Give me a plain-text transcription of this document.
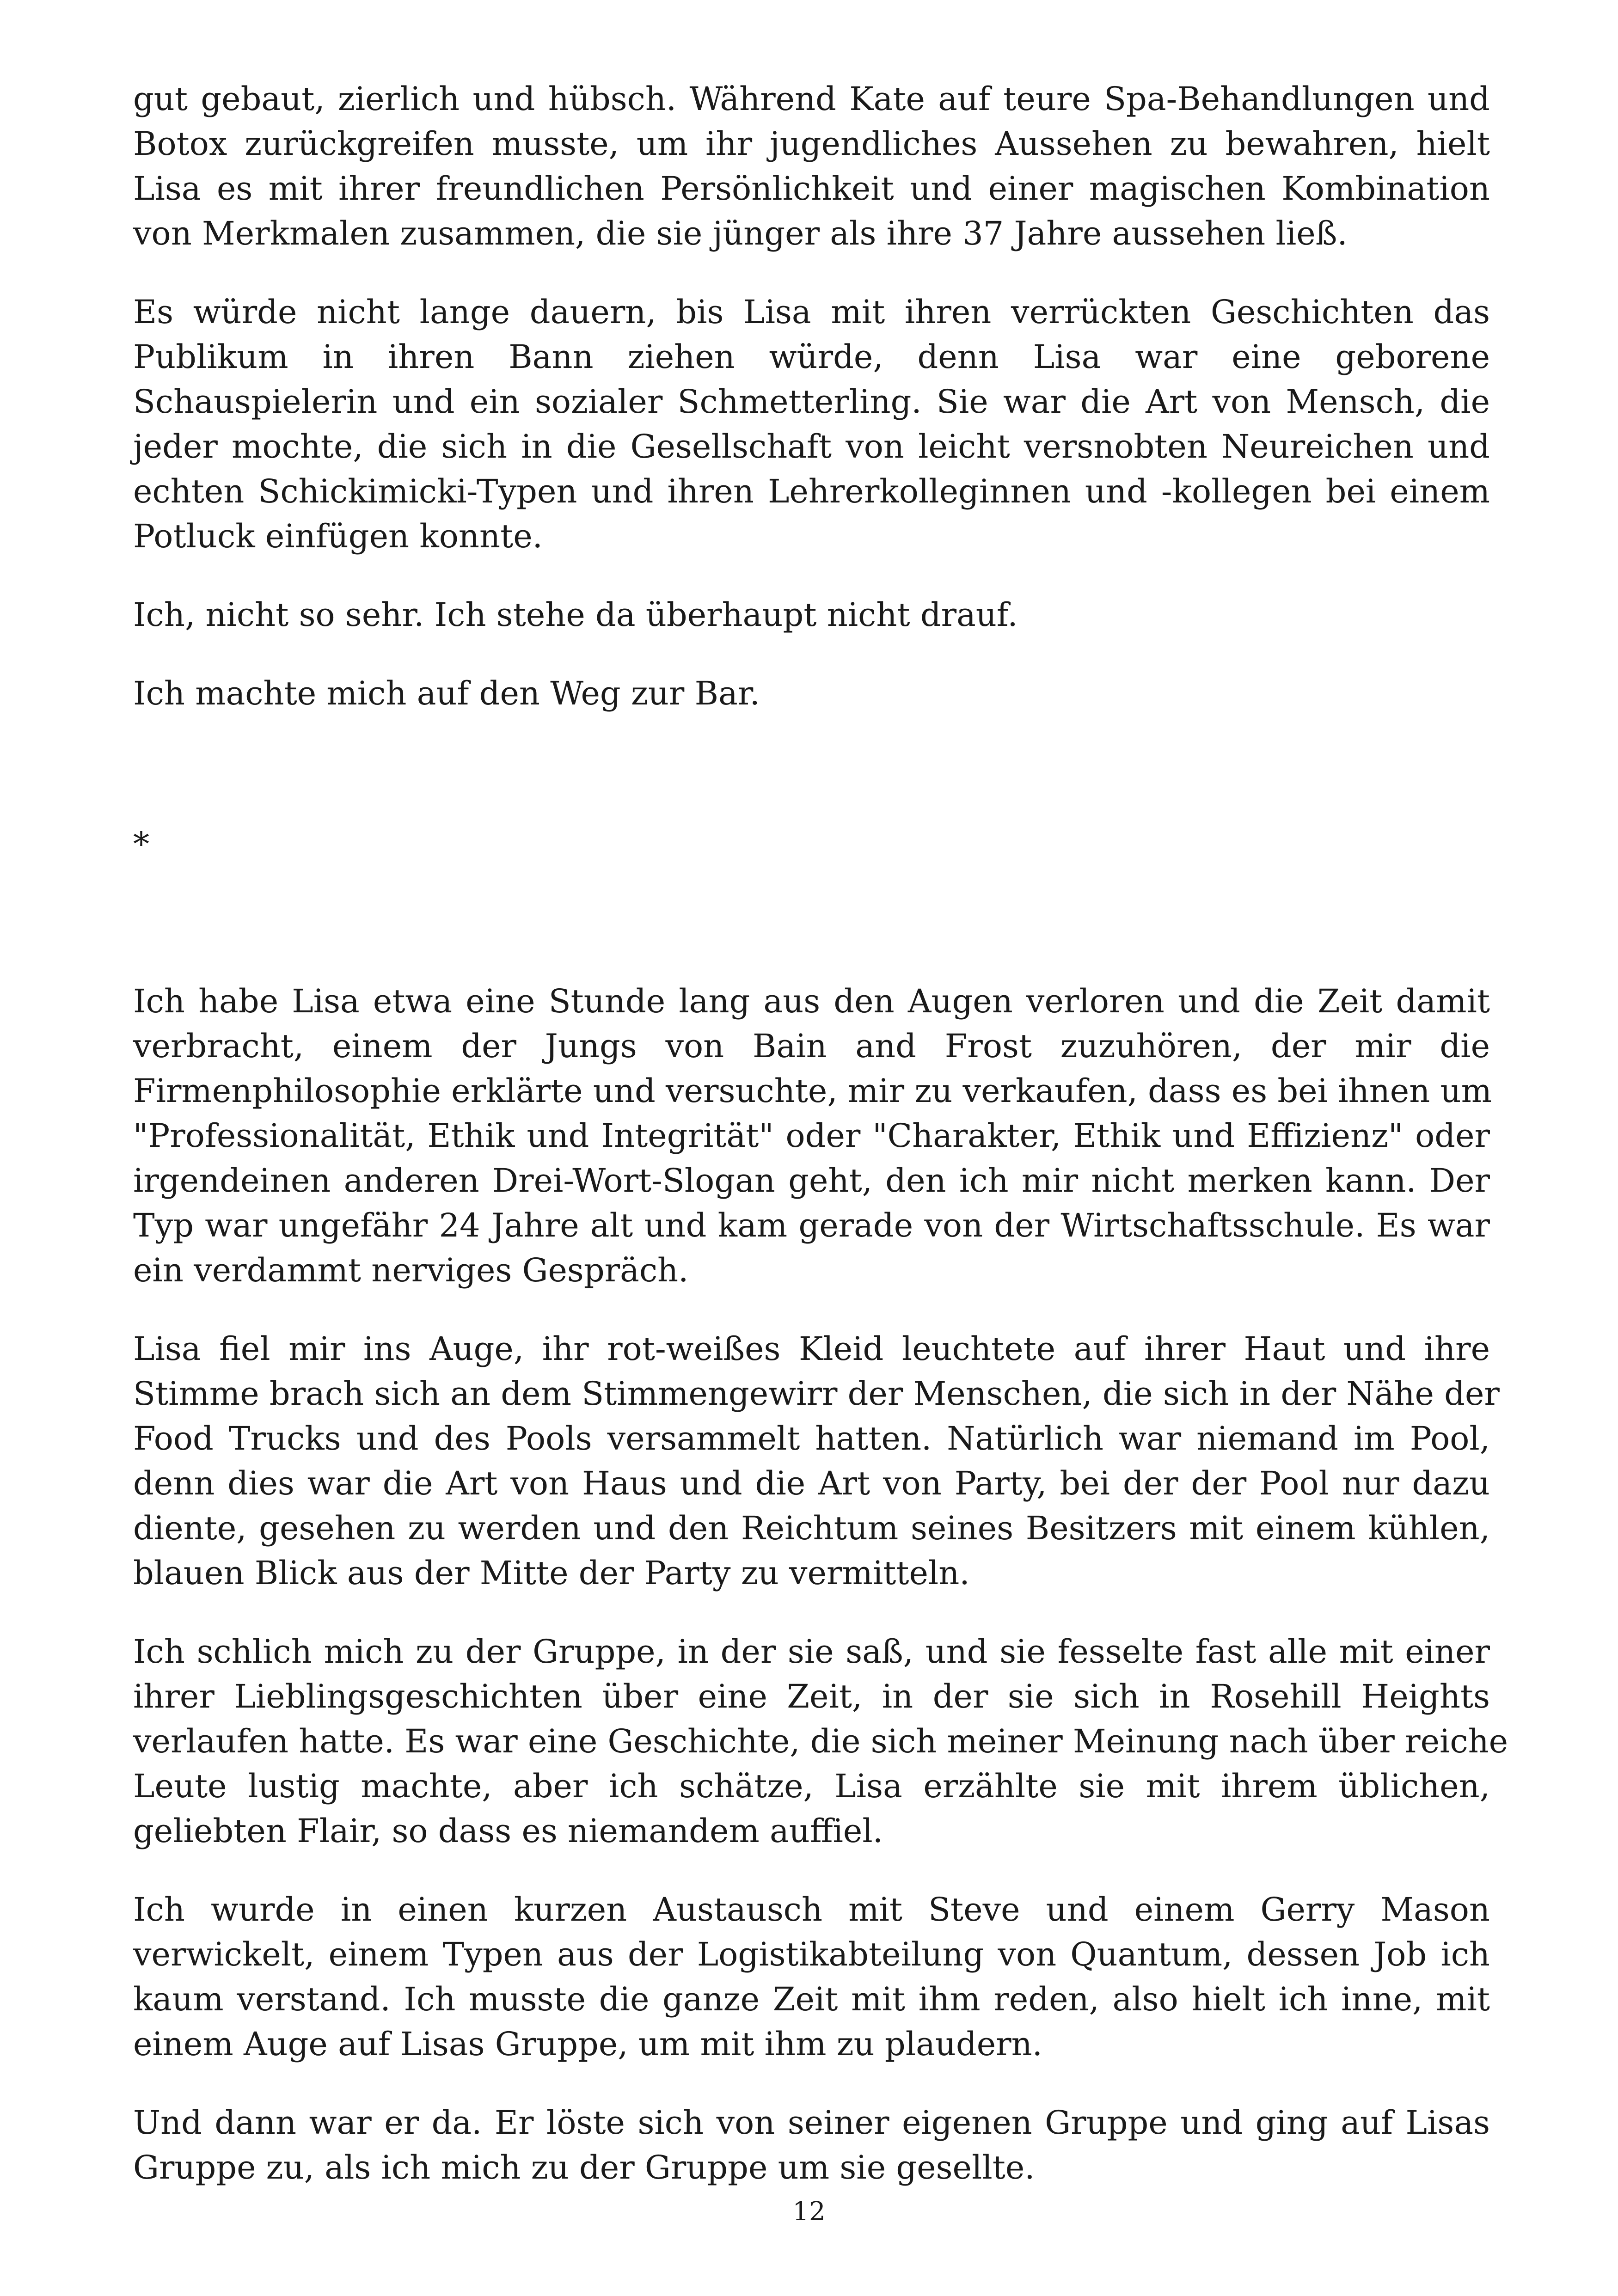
gut gebaut, zierlich und hübsch. Während Kate auf teure Spa-Behandlungen und
Botox zurückgreifen musste, um ihr jugendliches Aussehen zu bewahren, hielt
Lisa es mit ihrer freundlichen Persönlichkeit und einer magischen Kombination
von Merkmalen zusammen, die sie jünger als ihre 37 Jahre aussehen ließ.
Es würde nicht lange dauern, bis Lisa mit ihren verrückten Geschichten das
Publikum in ihren Bann ziehen würde, denn Lisa war eine geborene
Schauspielerin und ein sozialer Schmetterling. Sie war die Art von Mensch, die
jeder mochte, die sich in die Gesellschaft von leicht versnobten Neureichen und
echten Schickimicki-Typen und ihren Lehrerkolleginnen und -kollegen bei einem
Potluck einfügen konnte.
Ich, nicht so sehr. Ich stehe da überhaupt nicht drauf.
Ich machte mich auf den Weg zur Bar.
*
Ich habe Lisa etwa eine Stunde lang aus den Augen verloren und die Zeit damit
verbracht, einem der Jungs von Bain and Frost zuzuhören, der mir die
Firmenphilosophie erklärte und versuchte, mir zu verkaufen, dass es bei ihnen um
"Professionalität, Ethik und Integrität" oder "Charakter, Ethik und Effizienz" oder
irgendeinen anderen Drei-Wort-Slogan geht, den ich mir nicht merken kann. Der
Typ war ungefähr 24 Jahre alt und kam gerade von der Wirtschaftsschule. Es war
ein verdammt nerviges Gespräch.
Lisa fiel mir ins Auge, ihr rot-weißes Kleid leuchtete auf ihrer Haut und ihre
Stimme brach sich an dem Stimmengewirr der Menschen, die sich in der Nähe der
Food Trucks und des Pools versammelt hatten. Natürlich war niemand im Pool,
denn dies war die Art von Haus und die Art von Party, bei der der Pool nur dazu
diente, gesehen zu werden und den Reichtum seines Besitzers mit einem kühlen,
blauen Blick aus der Mitte der Party zu vermitteln.
Ich schlich mich zu der Gruppe, in der sie saß, und sie fesselte fast alle mit einer
ihrer Lieblingsgeschichten über eine Zeit, in der sie sich in Rosehill Heights
verlaufen hatte. Es war eine Geschichte, die sich meiner Meinung nach über reiche
Leute lustig machte, aber ich schätze, Lisa erzählte sie mit ihrem üblichen,
geliebten Flair, so dass es niemandem auffiel.
Ich wurde in einen kurzen Austausch mit Steve und einem Gerry Mason
verwickelt, einem Typen aus der Logistikabteilung von Quantum, dessen Job ich
kaum verstand. Ich musste die ganze Zeit mit ihm reden, also hielt ich inne, mit
einem Auge auf Lisas Gruppe, um mit ihm zu plaudern.
Und dann war er da. Er löste sich von seiner eigenen Gruppe und ging auf Lisas
Gruppe zu, als ich mich zu der Gruppe um sie gesellte.
12
